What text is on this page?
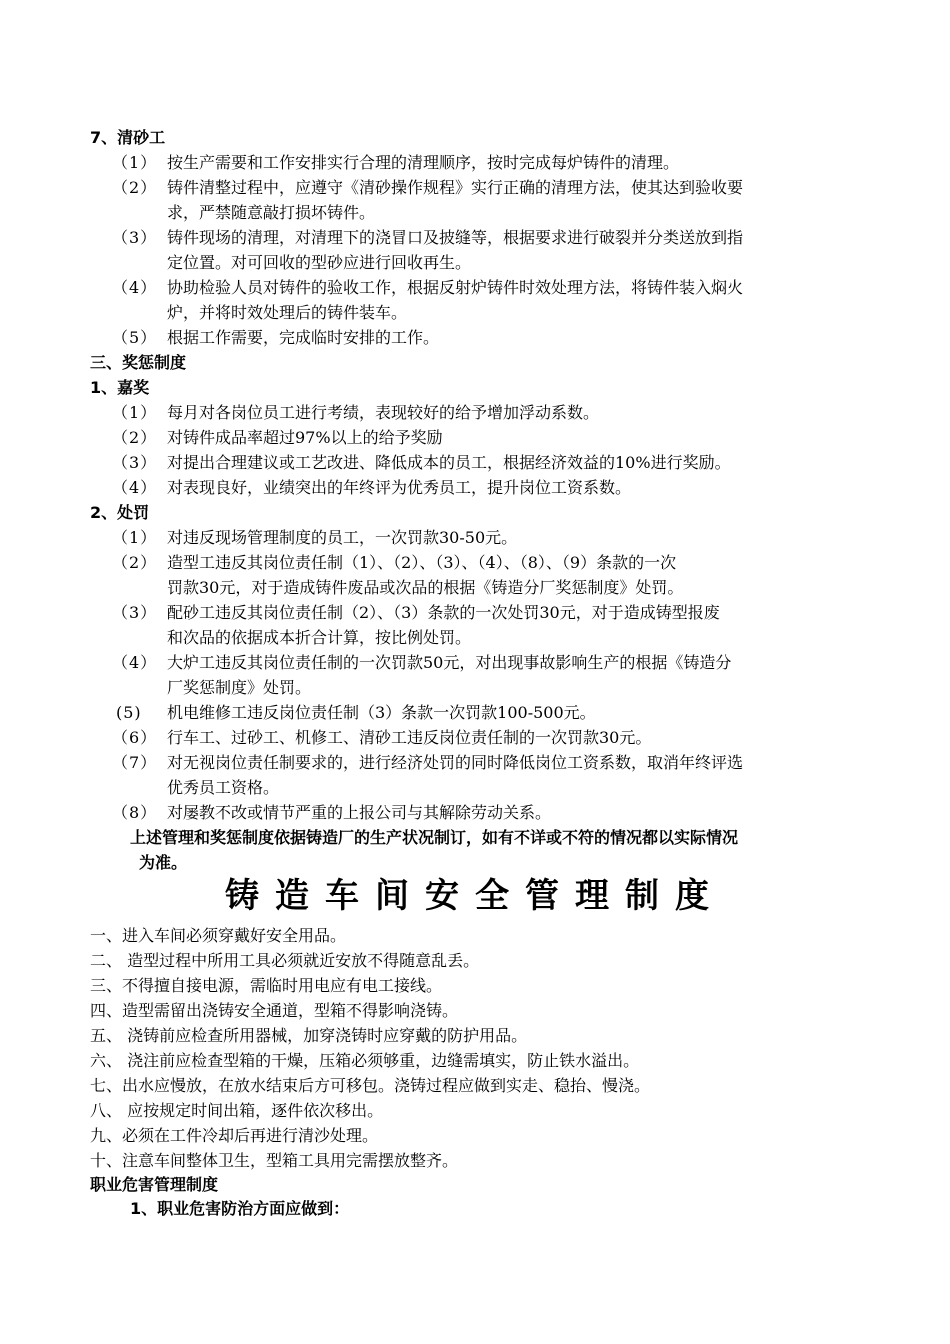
7、清砂工
（1） 按生产需要和工作安排实行合理的清理顺序，按时完成每炉铸件的清理。
（2） 铸件清整过程中，应遵守《清砂操作规程》实行正确的清理方法，使其达到验收要
求，严禁随意敲打损坏铸件。
（3） 铸件现场的清理，对清理下的浇冒口及披缝等，根据要求进行破裂并分类送放到指
定位置。对可回收的型砂应进行回收再生。
（4） 协助检验人员对铸件的验收工作，根据反射炉铸件时效处理方法，将铸件装入焖火
炉，并将时效处理后的铸件装车。
（5） 根据工作需要，完成临时安排的工作。
三、奖惩制度
1、嘉奖
（1） 每月对各岗位员工进行考绩，表现较好的给予增加浮动系数。
（2） 对铸件成品率超过97%以上的给予奖励
（3） 对提出合理建议或工艺改进、降低成本的员工，根据经济效益的10%进行奖励。
（4） 对表现良好，业绩突出的年终评为优秀员工，提升岗位工资系数。
2、处罚
（1） 对违反现场管理制度的员工，一次罚款30-50元。
（2） 造型工违反其岗位责任制（1）、（2）、（3）、（4）、（8）、（9）条款的一次
罚款30元，对于造成铸件废品或次品的根据《铸造分厂奖惩制度》处罚。
（3） 配砂工违反其岗位责任制（2）、（3）条款的一次处罚30元，对于造成铸型报废
和次品的依据成本折合计算，按比例处罚。
（4） 大炉工违反其岗位责任制的一次罚款50元，对出现事故影响生产的根据《铸造分
厂奖惩制度》处罚。
(5)	机电维修工违反岗位责任制（3）条款一次罚款100-500元。
（6） 行车工、过砂工、机修工、清砂工违反岗位责任制的一次罚款30元。
（7） 对无视岗位责任制要求的，进行经济处罚的同时降低岗位工资系数，取消年终评选
优秀员工资格。
（8） 对屡教不改或情节严重的上报公司与其解除劳动关系。
上述管理和奖惩制度依据铸造厂的生产状况制订，如有不详或不符的情况都以实际情况
为准。
铸造车间安全管理制度
一、进入车间必须穿戴好安全用品。
二、 造型过程中所用工具必须就近安放不得随意乱丢。
三、不得擅自接电源，需临时用电应有电工接线。
四、造型需留出浇铸安全通道，型箱不得影响浇铸。
五、 浇铸前应检查所用器械，加穿浇铸时应穿戴的防护用品。
六、 浇注前应检查型箱的干燥，压箱必须够重，边缝需填实，防止铁水溢出。
七、出水应慢放，在放水结束后方可移包。浇铸过程应做到实走、稳抬、慢浇。
八、 应按规定时间出箱，逐件依次移出。
九、必须在工件冷却后再进行清沙处理。
十、注意车间整体卫生，型箱工具用完需摆放整齐。
职业危害管理制度
1、职业危害防治方面应做到：
